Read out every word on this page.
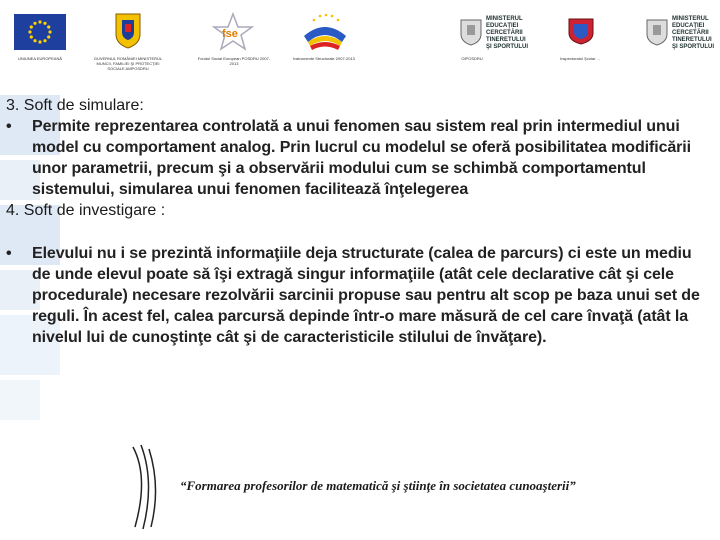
UNIUNEA EUROPEANĂ	GUVERNUL ROMÂNIEI MINISTERUL MUNCII, FAMILIEI ŞI PROTECŢIEI SOCIALE AMPOSDRU
fse
Fondul Social European POSDRU 2007-2013
Instrumente Structurale 2007-2013
MINISTERUL
EDUCAŢIEI
CERCETĂRII
TINERETULUI
ŞI SPORTULUI
OIPOSDRU	Inspectoratul Şcolar ...
MINISTERUL
EDUCAŢIEI
CERCETĂRII
TINERETULUI
ŞI SPORTULUI

3. Soft de simulare:

•	Permite reprezentarea controlată a unui fenomen sau sistem real prin intermediul unui model cu comportament analog. Prin lucrul cu modelul se oferă posibilitatea modificării unor parametrii, precum şi a observării modului cum se schimbă comportamentul sistemului, simularea unui fenomen facilitează înţelegerea

4. Soft de investigare :

•	Elevului nu i se prezintă informaţiile deja structurate (calea de parcurs) ci este un mediu de unde elevul poate să îşi extragă singur informaţiile (atât cele declarative cât şi cele procedurale) necesare rezolvării sarcinii propuse sau pentru alt scop pe baza unui set de reguli. În acest fel, calea parcursă depinde într-o mare măsură de cel care învaţă (atât la nivelul lui de cunoştinţe cât şi de caracteristicile stilului de învăţare).

“Formarea profesorilor de matematică şi ştiinţe în societatea cunoaşterii”
